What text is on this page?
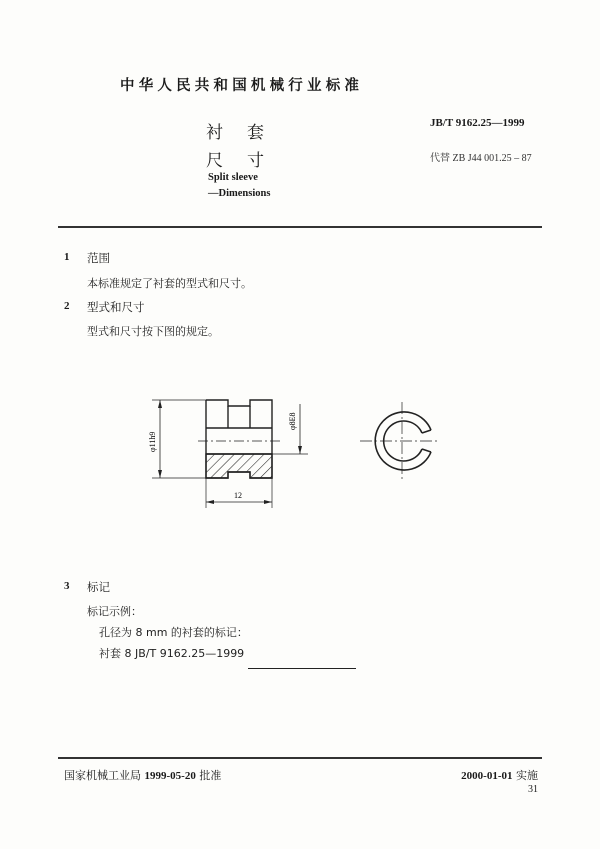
中华人民共和国机械行业标准
衬 套
尺 寸
Split sleeve
—Dimensions
JB/T 9162.25—1999
代替 ZB J44 001.25 – 87
1 范围
本标准规定了衬套的型式和尺寸。
2 型式和尺寸
型式和尺寸按下图的规定。
φ11h9
φ8E8
12
3 标记
标记示例：
孔径为 8 mm 的衬套的标记：
衬套 8 JB/T 9162.25—1999
国家机械工业局 1999-05-20 批准	2000-01-01 实施
31
